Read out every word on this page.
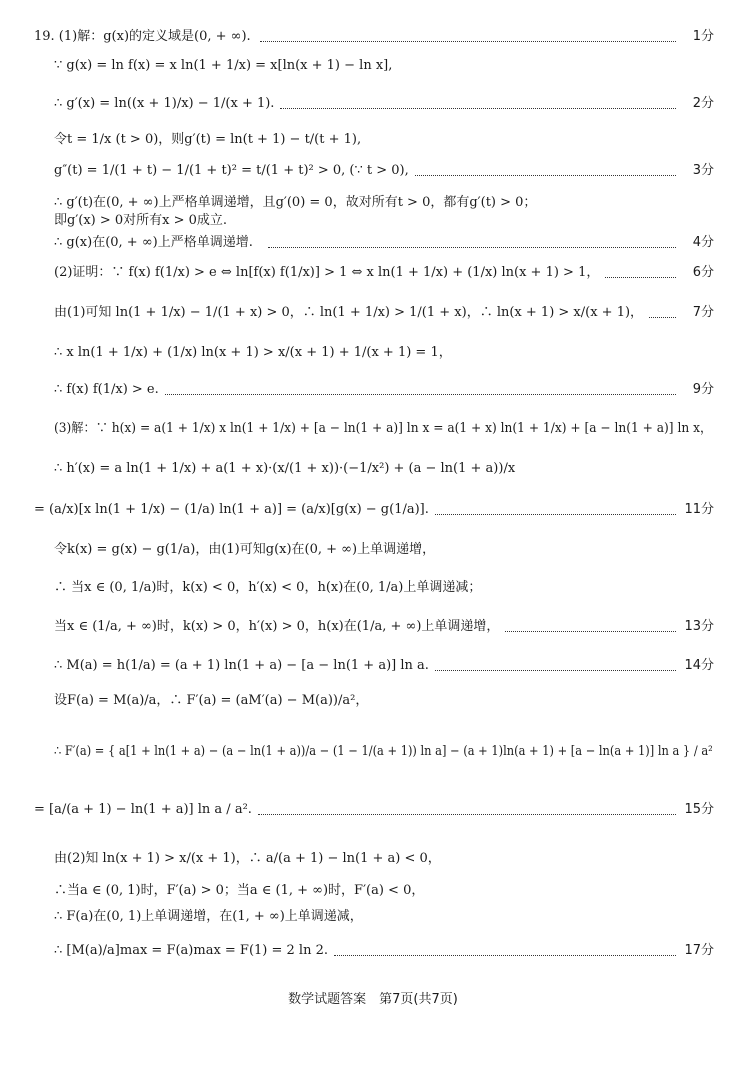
19. (1)解：g(x)的定义域是(0, + ∞).	1分
∵ g(x) = ln f(x) = x ln(1 + 1/x) = x[ln(x + 1) − ln x],
∴ g′(x) = ln((x + 1)/x) − 1/(x + 1).	2分
令t = 1/x (t > 0)，则g′(t) = ln(t + 1) − t/(t + 1),
g″(t) = 1/(1 + t) − 1/(1 + t)² = t/(1 + t)² > 0, (∵ t > 0),	3分
∴ g′(t)在(0, + ∞)上严格单调递增，且g′(0) = 0，故对所有t > 0，都有g′(t) > 0；
即g′(x) > 0对所有x > 0成立.
∴ g(x)在(0, + ∞)上严格单调递增.	4分
(2)证明：∵ f(x) f(1/x) > e ⇔ ln[f(x) f(1/x)] > 1 ⇔ x ln(1 + 1/x) + (1/x) ln(x + 1) > 1，	6分
由(1)可知 ln(1 + 1/x) − 1/(1 + x) > 0，∴ ln(1 + 1/x) > 1/(1 + x)，∴ ln(x + 1) > x/(x + 1)，	7分
∴ x ln(1 + 1/x) + (1/x) ln(x + 1) > x/(x + 1) + 1/(x + 1) = 1，
∴ f(x) f(1/x) > e.	9分
(3)解：∵ h(x) = a(1 + 1/x) x ln(1 + 1/x) + [a − ln(1 + a)] ln x = a(1 + x) ln(1 + 1/x) + [a − ln(1 + a)] ln x，
∴ h′(x) = a ln(1 + 1/x) + a(1 + x)·(x/(1 + x))·(−1/x²) + (a − ln(1 + a))/x
= (a/x)[x ln(1 + 1/x) − (1/a) ln(1 + a)] = (a/x)[g(x) − g(1/a)].	11分
令k(x) = g(x) − g(1/a)，由(1)可知g(x)在(0, + ∞)上单调递增，
∴ 当x ∈ (0, 1/a)时，k(x) < 0，h′(x) < 0，h(x)在(0, 1/a)上单调递减；
当x ∈ (1/a, + ∞)时，k(x) > 0，h′(x) > 0，h(x)在(1/a, + ∞)上单调递增，	13分
∴ M(a) = h(1/a) = (a + 1) ln(1 + a) − [a − ln(1 + a)] ln a.	14分
设F(a) = M(a)/a，∴ F′(a) = (aM′(a) − M(a))/a²，
∴ F′(a) = { a[1 + ln(1 + a) − (a − ln(1 + a))/a − (1 − 1/(a + 1)) ln a] − (a + 1)ln(a + 1) + [a − ln(a + 1)] ln a } / a²
= [a/(a + 1) − ln(1 + a)] ln a / a².	15分
由(2)知 ln(x + 1) > x/(x + 1)，∴ a/(a + 1) − ln(1 + a) < 0，
∴当a ∈ (0, 1)时，F′(a) > 0；当a ∈ (1, + ∞)时，F′(a) < 0，
∴ F(a)在(0, 1)上单调递增，在(1, + ∞)上单调递减，
∴ [M(a)/a]max = F(a)max = F(1) = 2 ln 2.	17分
数学试题答案　第7页(共7页)
